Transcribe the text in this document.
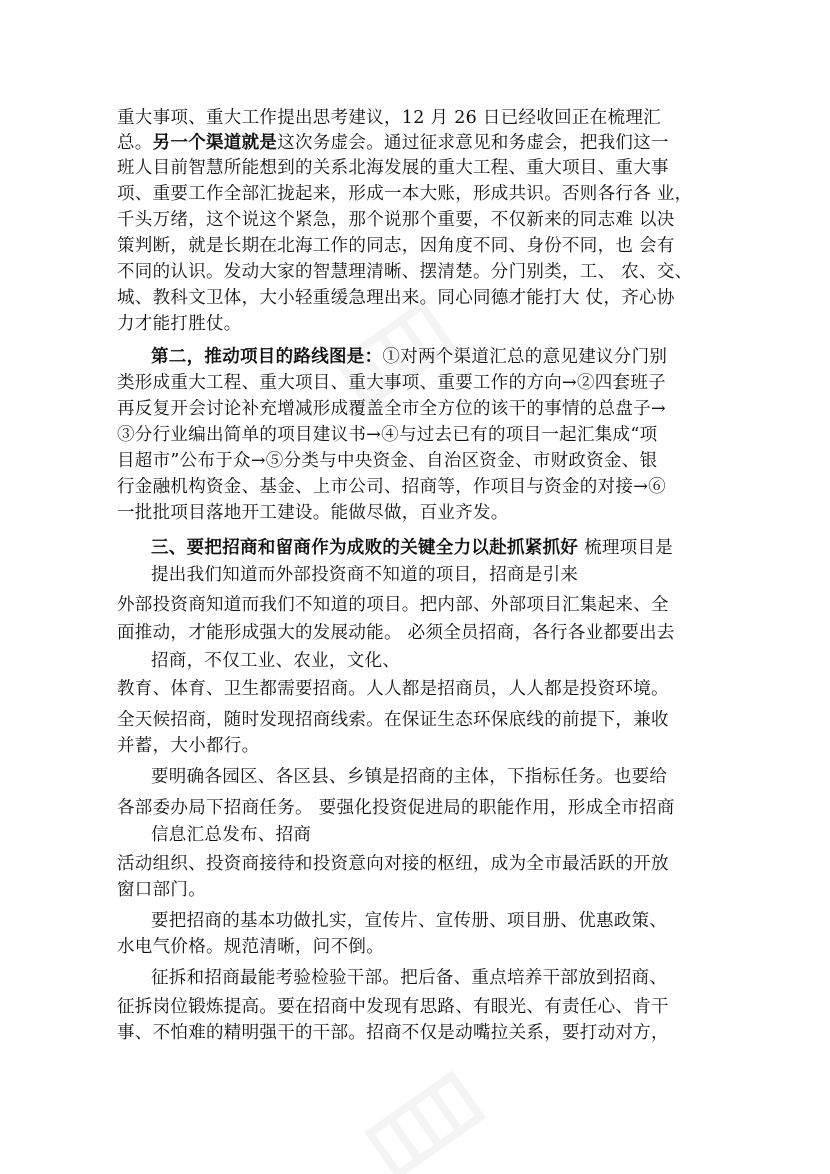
重大事项、重大工作提出思考建议，12 月 26 日已经收回正在梳理汇

总。另一个渠道就是这次务虚会。通过征求意见和务虚会，把我们这一

班人目前智慧所能想到的关系北海发展的重大工程、重大项目、重大事

项、重要工作全部汇拢起来，形成一本大账，形成共识。否则各行各 业，

千头万绪，这个说这个紧急，那个说那个重要，不仅新来的同志难 以决

策判断，就是长期在北海工作的同志，因角度不同、身份不同，也 会有

不同的认识。发动大家的智慧理清晰、摆清楚。分门别类，工、 农、交、

城、教科文卫体，大小轻重缓急理出来。同心同德才能打大 仗，齐心协

力才能打胜仗。

第二，推动项目的路线图是：①对两个渠道汇总的意见建议分门别

类形成重大工程、重大项目、重大事项、重要工作的方向→②四套班子

再反复开会讨论补充增减形成覆盖全市全方位的该干的事情的总盘子→

③分行业编出简单的项目建议书→④与过去已有的项目一起汇集成“项

目超市”公布于众→⑤分类与中央资金、自治区资金、市财政资金、银

行金融机构资金、基金、上市公司、招商等，作项目与资金的对接→⑥

一批批项目落地开工建设。能做尽做，百业齐发。

三、要把招商和留商作为成败的关键全力以赴抓紧抓好 梳理项目是

提出我们知道而外部投资商不知道的项目，招商是引来

外部投资商知道而我们不知道的项目。把内部、外部项目汇集起来、全

面推动，才能形成强大的发展动能。 必须全员招商，各行各业都要出去

招商，不仅工业、农业，文化、

教育、体育、卫生都需要招商。人人都是招商员，人人都是投资环境。

全天候招商，随时发现招商线索。在保证生态环保底线的前提下，兼收

并蓄，大小都行。

要明确各园区、各区县、乡镇是招商的主体，下指标任务。也要给

各部委办局下招商任务。 要强化投资促进局的职能作用，形成全市招商

信息汇总发布、招商

活动组织、投资商接待和投资意向对接的枢纽，成为全市最活跃的开放

窗口部门。

要把招商的基本功做扎实，宣传片、宣传册、项目册、优惠政策、

水电气价格。规范清晰，问不倒。

征拆和招商最能考验检验干部。把后备、重点培养干部放到招商、

征拆岗位锻炼提高。要在招商中发现有思路、有眼光、有责任心、肯干

事、不怕难的精明强干的干部。招商不仅是动嘴拉关系，要打动对方，
